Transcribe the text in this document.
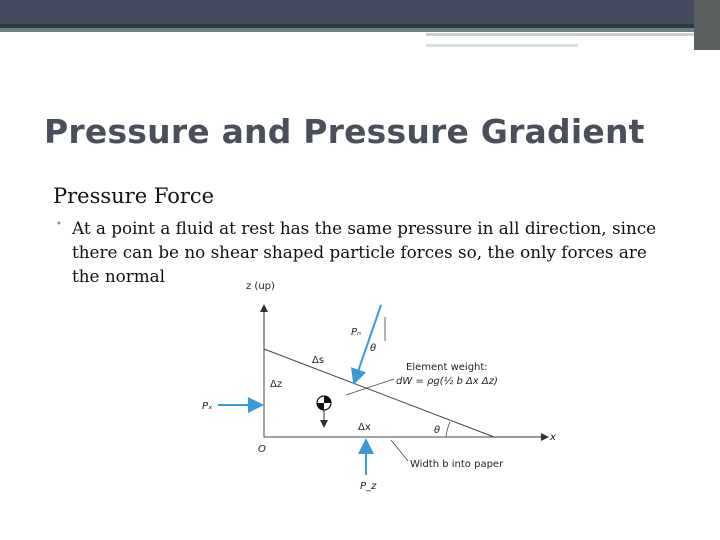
Pressure and Pressure Gradient
Pressure Force
• At a point a fluid at rest has the same pressure in all direction, since there can be no shear shaped particle forces so, the only forces are the normal
z (up)
x
O
Pₙ
θ
Pₓ
P_z
Δs
Δz
Δx	θ
Element weight:
dW = ρg(½ b Δx Δz)
Width b into paper
